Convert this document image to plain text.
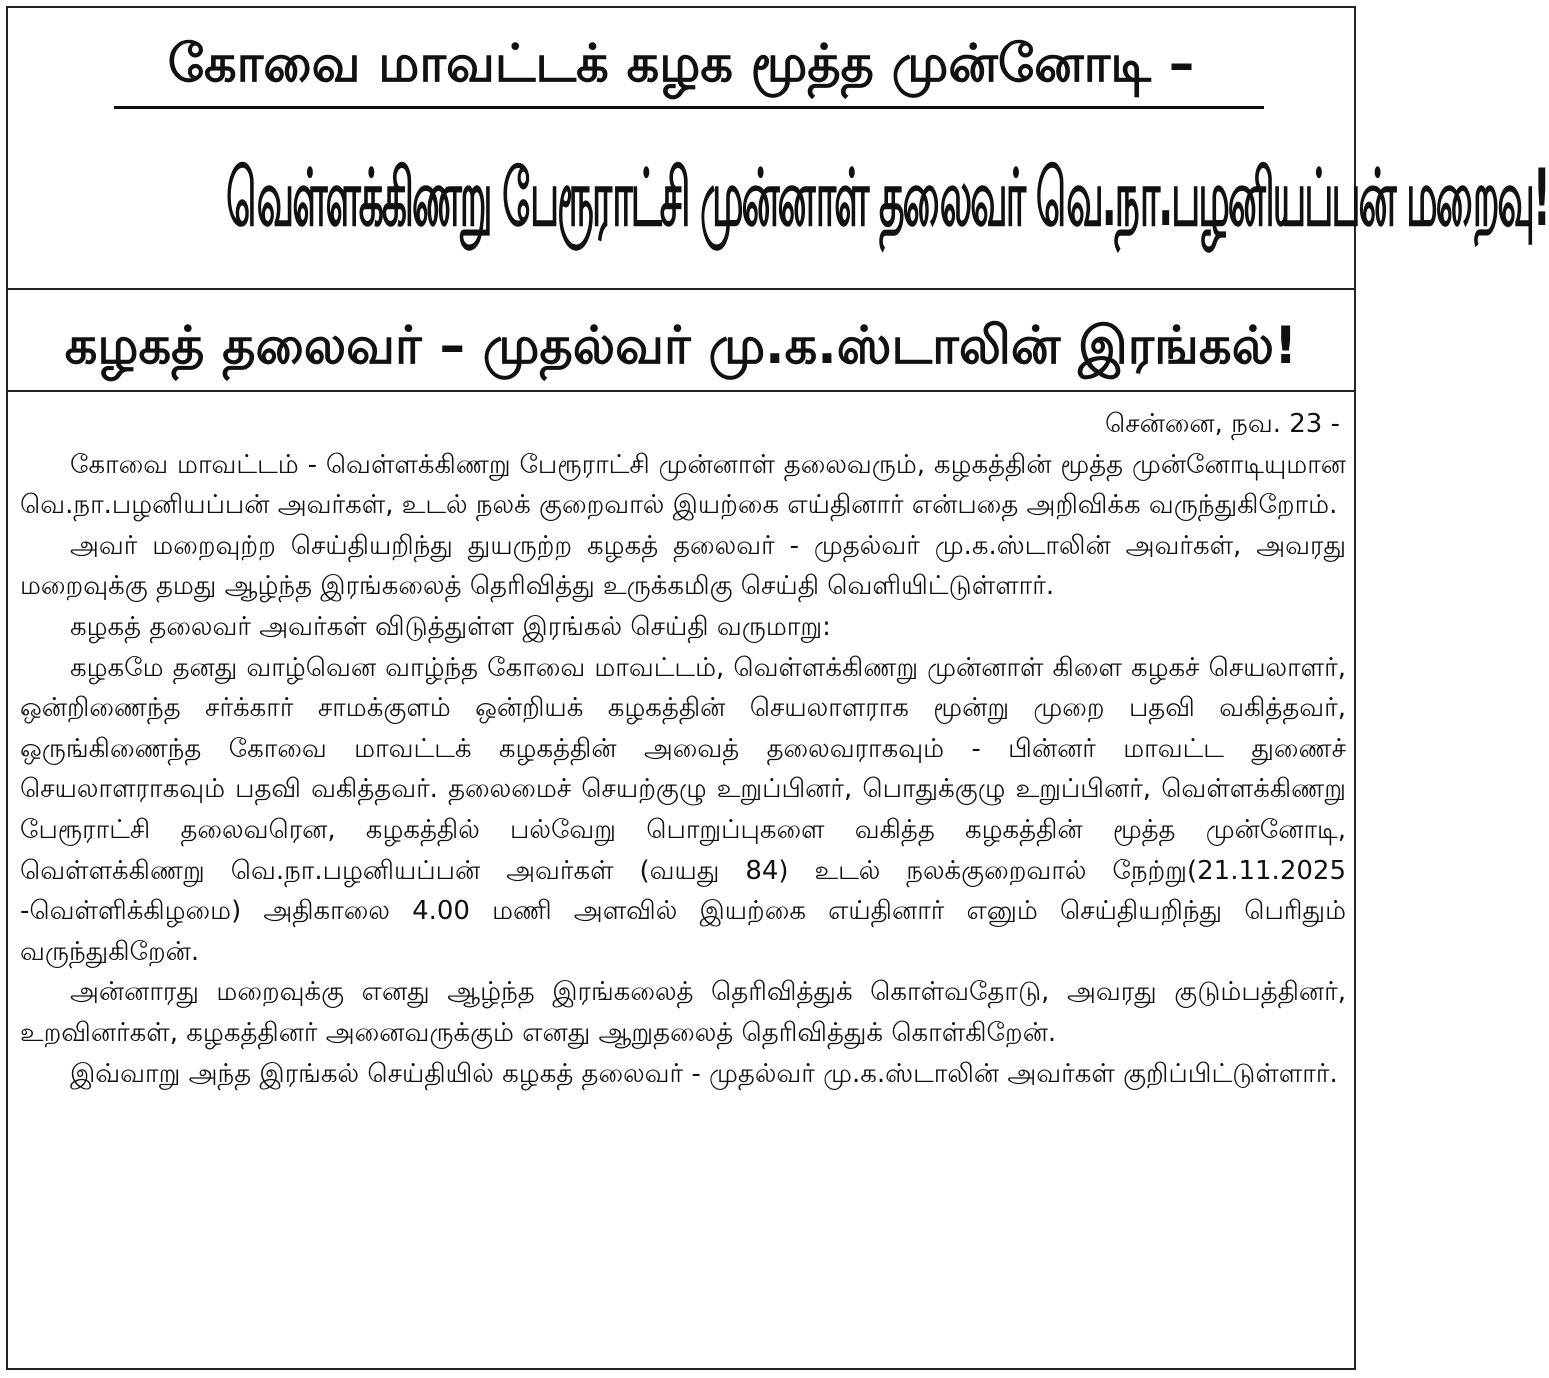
கோவை மாவட்டக் கழக மூத்த முன்னோடி –
வெள்ளக்கிணறு பேரூராட்சி முன்னாள் தலைவர் வெ.நா.பழனியப்பன் மறைவு!
கழகத் தலைவர் – முதல்வர் மு.க.ஸ்டாலின் இரங்கல்!

சென்னை, நவ. 23 -

கோவை மாவட்டம் - வெள்ளக்கிணறு பேரூராட்சி முன்னாள் தலைவரும், கழகத்தின் மூத்த முன்னோடியுமான வெ.நா.பழனியப்பன் அவர்கள், உடல் நலக் குறைவால் இயற்கை எய்தினார் என்பதை அறிவிக்க வருந்துகிறோம்.

அவர் மறைவுற்ற செய்தியறிந்து துயருற்ற கழகத் தலைவர் - முதல்வர் மு.க.ஸ்டாலின் அவர்கள், அவரது மறைவுக்கு தமது ஆழ்ந்த இரங்கலைத் தெரிவித்து உருக்கமிகு செய்தி வெளியிட்டுள்ளார்.

கழகத் தலைவர் அவர்கள் விடுத்துள்ள இரங்கல் செய்தி வருமாறு:

கழகமே தனது வாழ்வென வாழ்ந்த கோவை மாவட்டம், வெள்ளக்கிணறு முன்னாள் கிளை கழகச் செயலாளர், ஒன்றிணைந்த சர்க்கார் சாமக்குளம் ஒன்றியக் கழகத்தின் செயலாளராக மூன்று முறை பதவி வகித்தவர், ஒருங்கிணைந்த கோவை மாவட்டக் கழகத்தின் அவைத் தலைவராகவும் - பின்னர் மாவட்ட துணைச் செயலாளராகவும் பதவி வகித்தவர். தலைமைச் செயற்குழு உறுப்பினர், பொதுக்குழு உறுப்பினர், வெள்ளக்கிணறு பேரூராட்சி தலைவரென, கழகத்தில் பல்வேறு பொறுப்புகளை வகித்த கழகத்தின் மூத்த முன்னோடி, வெள்ளக்கிணறு வெ.நா.பழனியப்பன் அவர்கள் (வயது 84) உடல் நலக்குறைவால் நேற்று(21.11.2025 -வெள்ளிக்கிழமை) அதிகாலை 4.00 மணி அளவில் இயற்கை எய்தினார் எனும் செய்தியறிந்து பெரிதும் வருந்துகிறேன்.

அன்னாரது மறைவுக்கு எனது ஆழ்ந்த இரங்கலைத் தெரிவித்துக் கொள்வதோடு, அவரது குடும்பத்தினர், உறவினர்கள், கழகத்தினர் அனைவருக்கும் எனது ஆறுதலைத் தெரிவித்துக் கொள்கிறேன்.

இவ்வாறு அந்த இரங்கல் செய்தியில் கழகத் தலைவர் - முதல்வர் மு.க.ஸ்டாலின் அவர்கள் குறிப்பிட்டுள்ளார்.
